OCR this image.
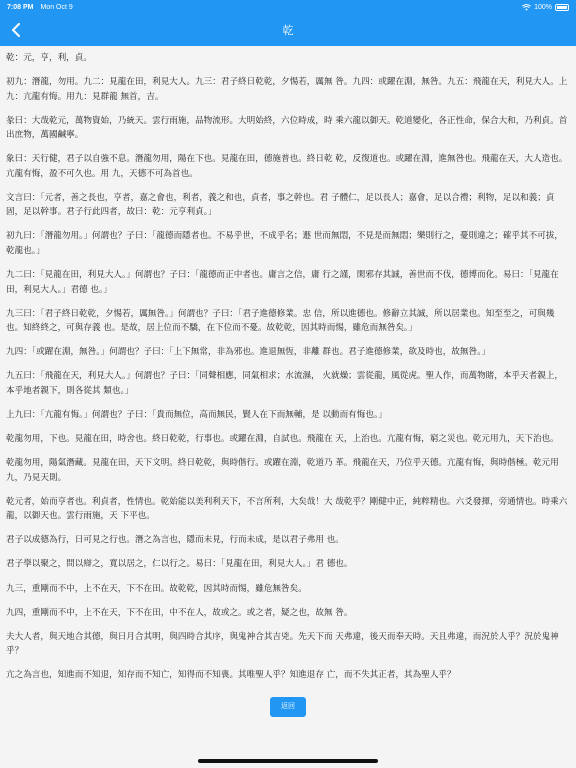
7:08 PM Mon Oct 9	100%
乾

乾：元，亨，利，貞。

初九：潛龍，勿用。九二：見龍在田，利見大人。九三：君子終日乾乾，夕惕若，厲無 咎。九四：或躍在淵，無咎。九五：飛龍在天，利見大人。上九：亢龍有悔。用九：見群龍 無首，吉。

彖曰：大哉乾元，萬物資始，乃統天。雲行雨施，品物流形。大明始終，六位時成，時 乘六龍以御天。乾道變化，各正性命，保合大和，乃利貞。首出庶物，萬國鹹寧。

象曰：天行健，君子以自強不息。潛龍勿用，陽在下也。見龍在田，德施普也。終日乾 乾，反復道也。或躍在淵，進無咎也。飛龍在天，大人造也。亢龍有悔，盈不可久也。用 九，天德不可為首也。

文言曰：「元者，善之長也，亨者，嘉之會也，利者，義之和也，貞者，事之幹也。君 子體仁，足以長人；嘉會，足以合禮；利物，足以和義；貞固，足以幹事。君子行此四者，故曰：乾：元亨利貞。」

初九曰：「潛龍勿用。」何謂也？子曰：「龍德而隱者也。不易乎世，不成乎名；遯 世而無悶，不見是而無悶；樂則行之，憂則違之；確乎其不可拔，乾龍也。」

九二曰：「見龍在田，利見大人。」何謂也？子曰：「龍德而正中者也。庸言之信，庸 行之謹，閑邪存其誠，善世而不伐，德博而化。易曰：「見龍在田，利見大人。」君德 也。」

九三曰：「君子終日乾乾，夕惕若，厲無咎。」何謂也？子曰：「君子進德修業。忠 信，所以進德也。修辭立其誠，所以居業也。知至至之，可與幾也。知終終之，可與存義 也。是故，居上位而不驕，在下位而不憂。故乾乾，因其時而惕，雖危而無咎矣。」

九四：「或躍在淵，無咎。」何謂也？子曰：「上下無常，非為邪也。進退無恆，非離 群也。君子進德修業，欲及時也，故無咎。」

九五曰：「飛龍在天，利見大人。」何謂也？子曰：「同聲相應，同氣相求；水流濕， 火就燥；雲從龍，風從虎。聖人作，而萬物睹，本乎天者親上，本乎地者親下，則各從其 類也。」

上九曰：「亢龍有悔。」何謂也？子曰：「貴而無位，高而無民，賢人在下而無輔，是 以動而有悔也。」

乾龍勿用，下也。見龍在田，時舍也。終日乾乾，行事也。或躍在淵，自試也。飛龍在 天，上治也。亢龍有悔，窮之災也。乾元用九，天下治也。

乾龍勿用，陽氣潛藏。見龍在田，天下文明。終日乾乾，與時偕行。或躍在淵，乾道乃 革。飛龍在天，乃位乎天德。亢龍有悔，與時偕極。乾元用九，乃見天則。

乾元者，始而亨者也。利貞者，性情也。乾始能以美利利天下，不言所利，大矣哉！大 哉乾乎？剛健中正，純粹精也。六爻發揮，旁通情也。時乘六龍，以御天也。雲行雨施，天 下平也。

君子以成德為行，日可見之行也。潛之為言也，隱而未見，行而未成，是以君子弗用 也。

君子學以聚之，問以辯之，寬以居之，仁以行之。易曰：「見龍在田，利見大人。」君 德也。

九三，重剛而不中，上不在天，下不在田。故乾乾，因其時而惕，雖危無咎矣。

九四，重剛而不中，上不在天，下不在田，中不在人，故或之。或之者，疑之也，故無 咎。

夫大人者，與天地合其德，與日月合其明，與四時合其序，與鬼神合其吉兇。先天下而 天弗違，後天而奉天時。天且弗違，而況於人乎？況於鬼神乎？

亢之為言也，知進而不知退，知存而不知亡，知得而不知喪。其唯聖人乎？知進退存 亡，而不失其正者，其為聖人乎？

返回
